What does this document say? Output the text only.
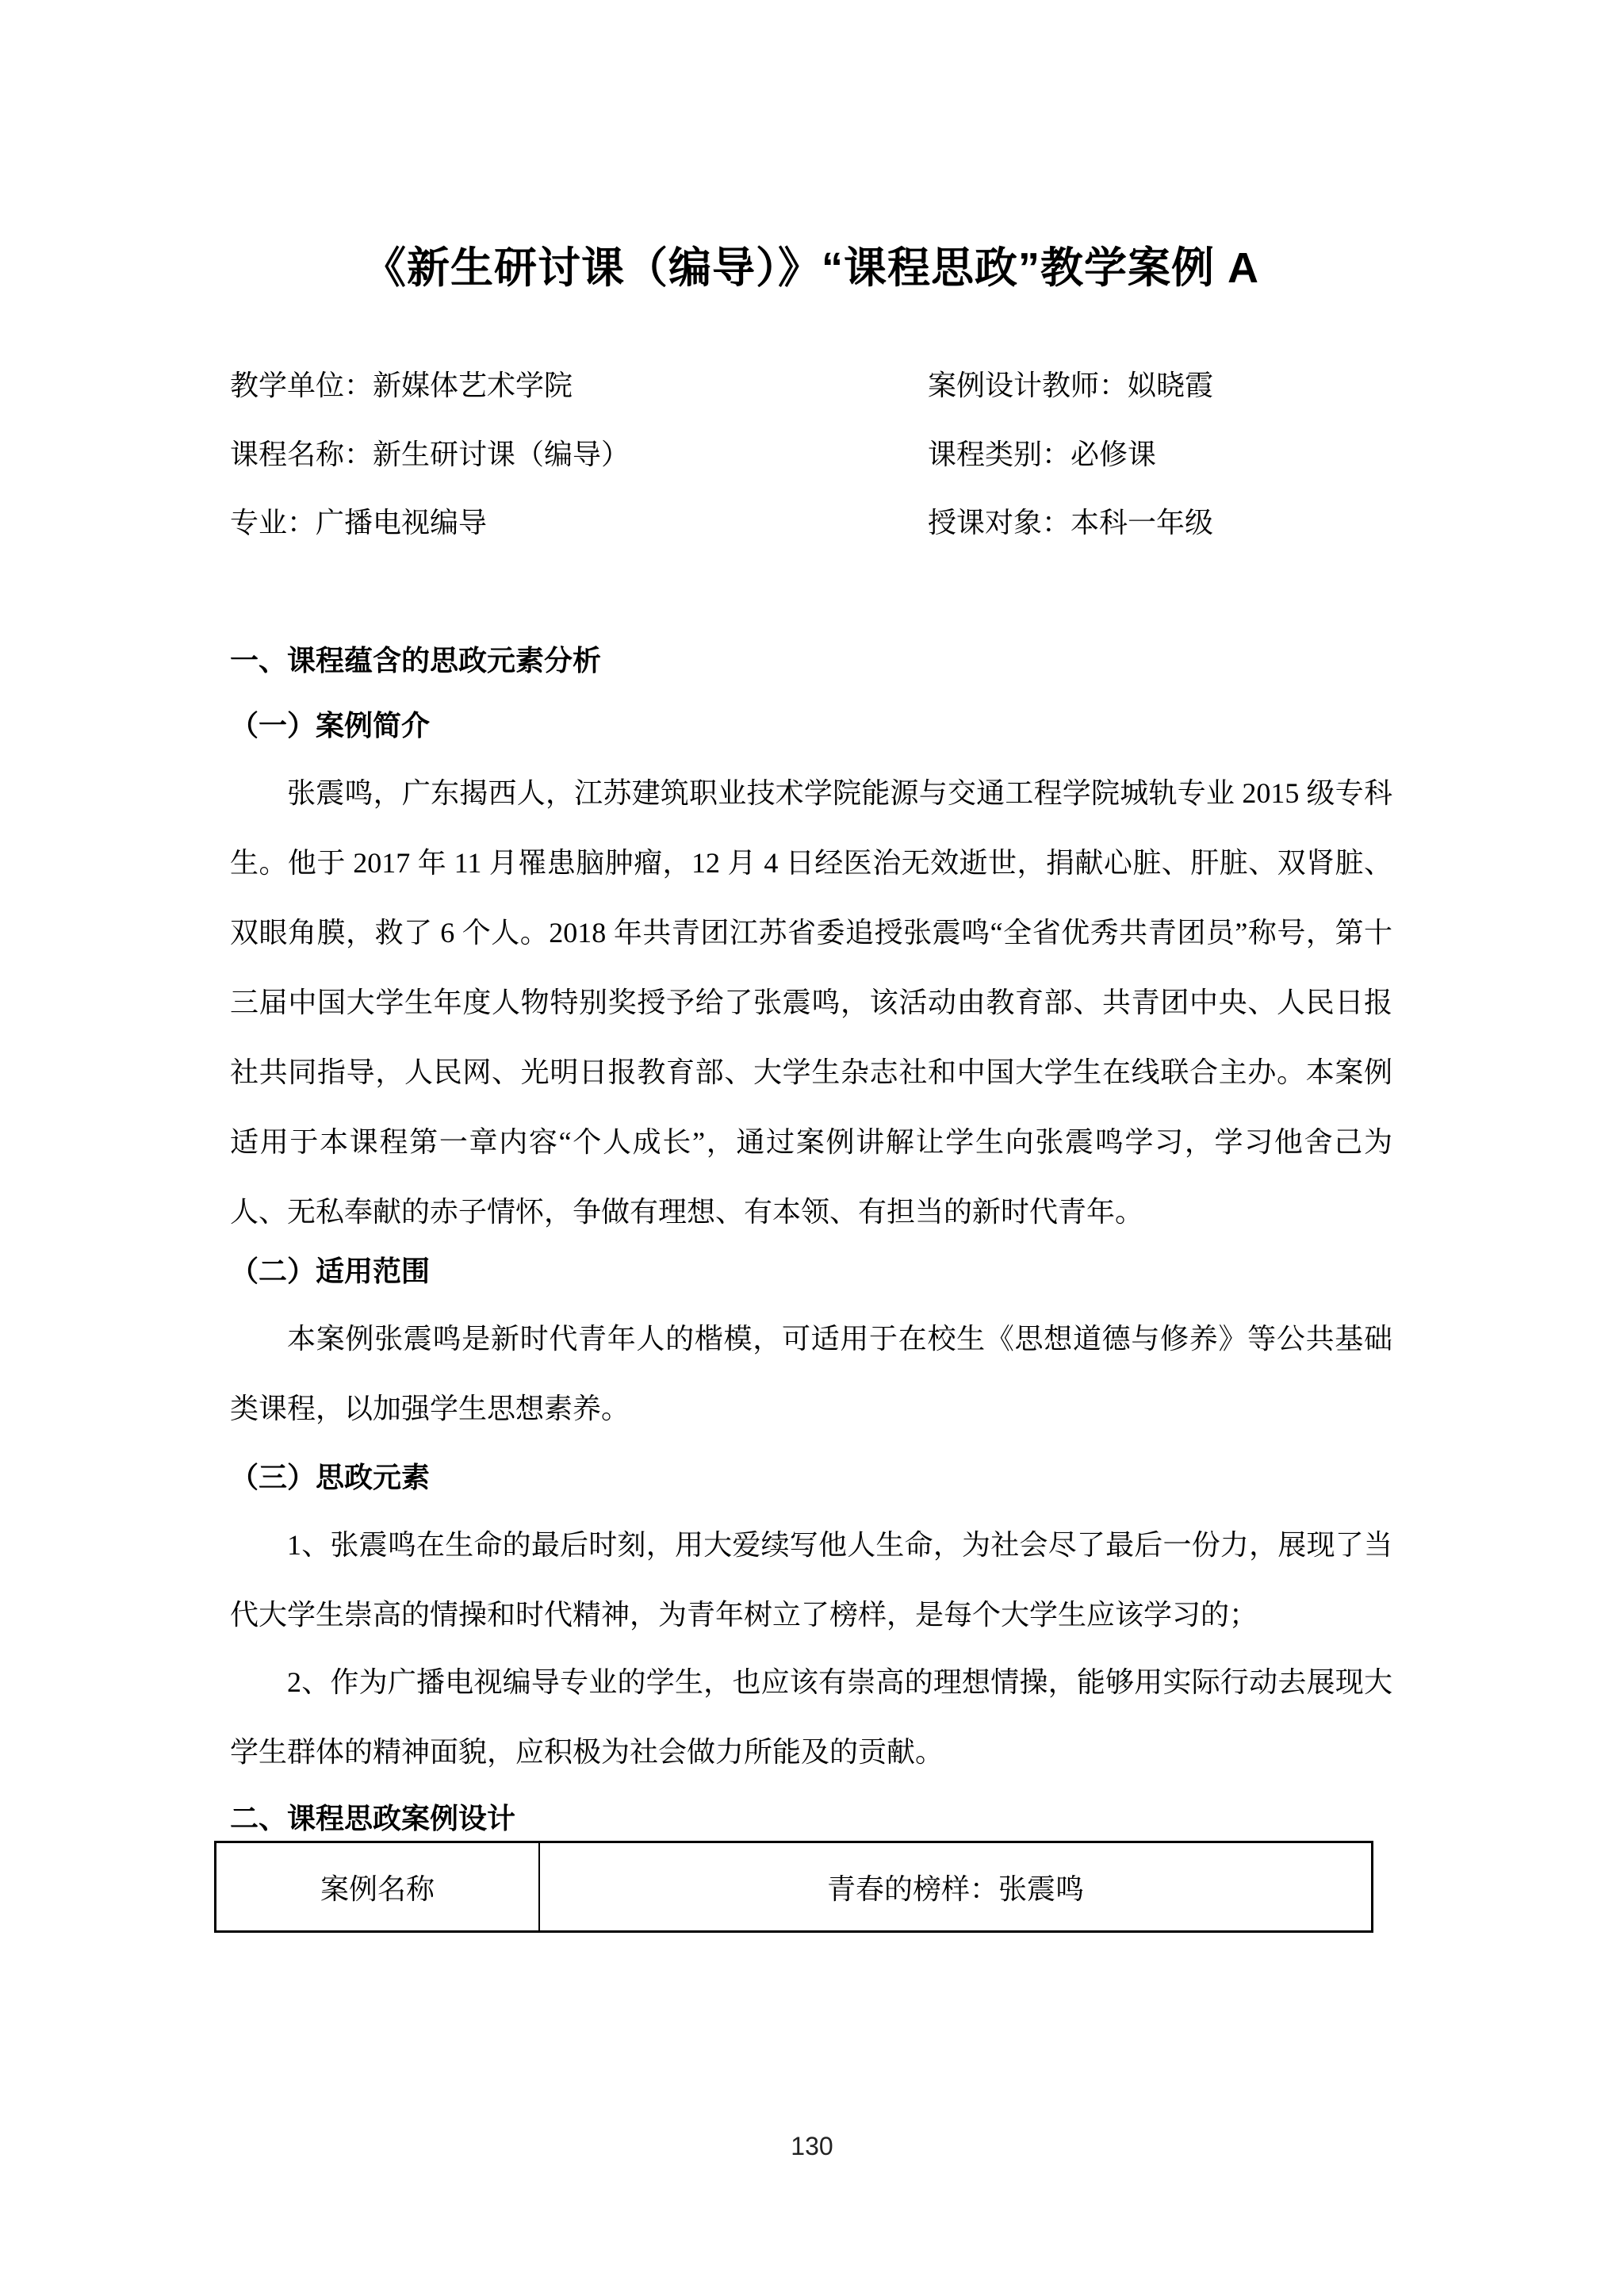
《新生研讨课（编导）》“课程思政”教学案例 A
教学单位：新媒体艺术学院	案例设计教师：姒晓霞
课程名称：新生研讨课（编导）	课程类别：必修课
专业：广播电视编导	授课对象：本科一年级
一、课程蕴含的思政元素分析
（一）案例简介

张震鸣，广东揭西人，江苏建筑职业技术学院能源与交通工程学院城轨专业 2015 级专科生。他于 2017 年 11 月罹患脑肿瘤，12 月 4 日经医治无效逝世，捐献心脏、肝脏、双肾脏、双眼角膜，救了 6 个人。2018 年共青团江苏省委追授张震鸣“全省优秀共青团员”称号，第十三届中国大学生年度人物特别奖授予给了张震鸣，该活动由教育部、共青团中央、人民日报社共同指导，人民网、光明日报教育部、大学生杂志社和中国大学生在线联合主办。本案例适用于本课程第一章内容“个人成长”，通过案例讲解让学生向张震鸣学习，学习他舍己为人、无私奉献的赤子情怀，争做有理想、有本领、有担当的新时代青年。

（二）适用范围

本案例张震鸣是新时代青年人的楷模，可适用于在校生《思想道德与修养》等公共基础类课程，以加强学生思想素养。

（三）思政元素

1、张震鸣在生命的最后时刻，用大爱续写他人生命，为社会尽了最后一份力，展现了当代大学生崇高的情操和时代精神，为青年树立了榜样，是每个大学生应该学习的；

2、作为广播电视编导专业的学生，也应该有崇高的理想情操，能够用实际行动去展现大学生群体的精神面貌，应积极为社会做力所能及的贡献。

二、课程思政案例设计
案例名称	青春的榜样：张震鸣
130
